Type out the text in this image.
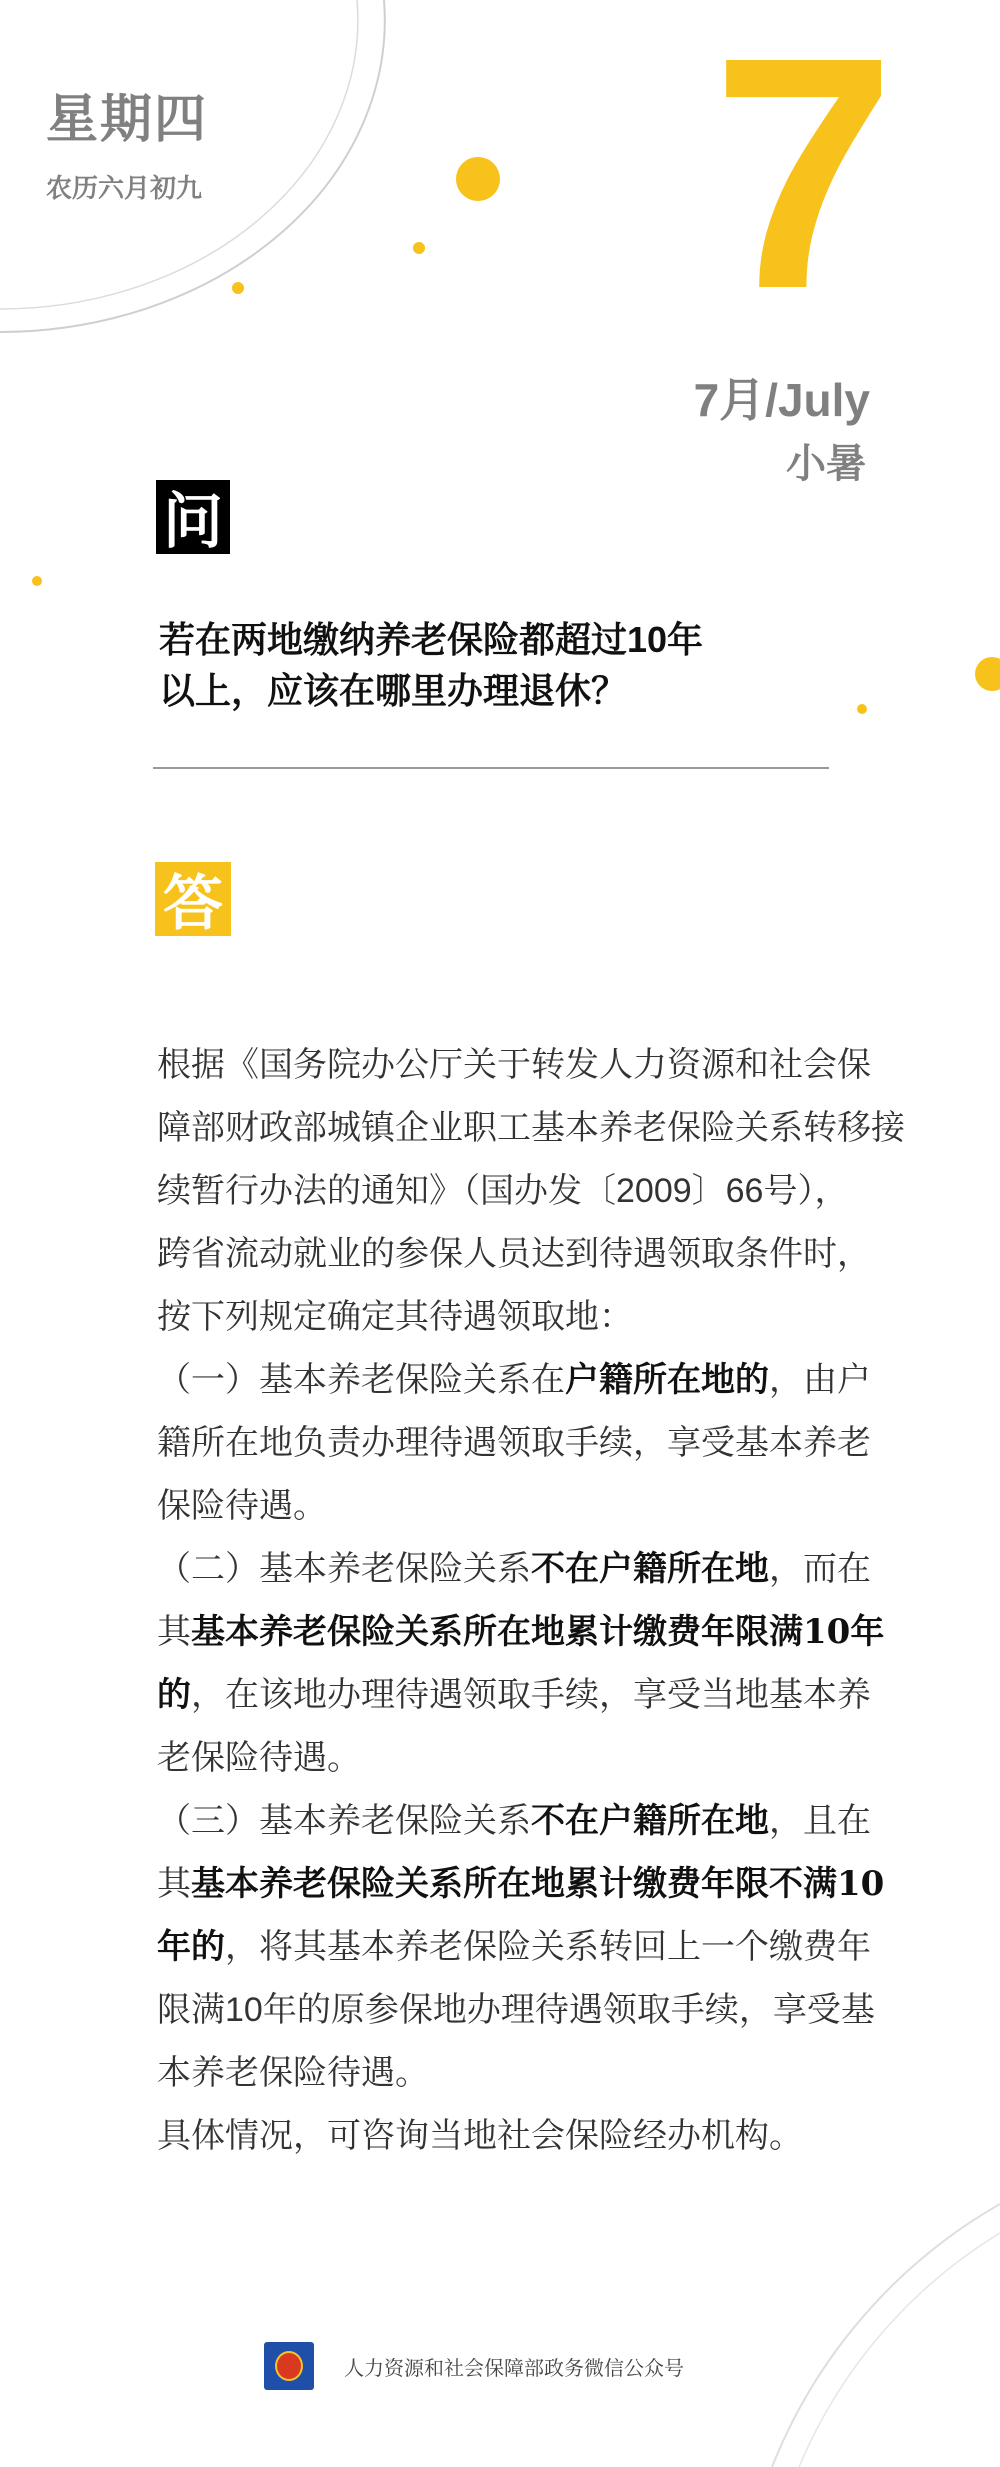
星期四
农历六月初九 7
7月/July
小暑
问
若在两地缴纳养老保险都超过10年
以上，应该在哪里办理退休？
答
根据《国务院办公厅关于转发人力资源和社会保
障部财政部城镇企业职工基本养老保险关系转移接
续暂行办法的通知》（国办发〔2009〕66号），
跨省流动就业的参保人员达到待遇领取条件时，
按下列规定确定其待遇领取地：
（一）基本养老保险关系在户籍所在地的，由户
籍所在地负责办理待遇领取手续，享受基本养老
保险待遇。
（二）基本养老保险关系不在户籍所在地，而在
其基本养老保险关系所在地累计缴费年限满10年
的，在该地办理待遇领取手续，享受当地基本养
老保险待遇。
（三）基本养老保险关系不在户籍所在地，且在
其基本养老保险关系所在地累计缴费年限不满10
年的，将其基本养老保险关系转回上一个缴费年
限满10年的原参保地办理待遇领取手续，享受基
本养老保险待遇。
具体情况，可咨询当地社会保险经办机构。
人力资源和社会保障部政务微信公众号
